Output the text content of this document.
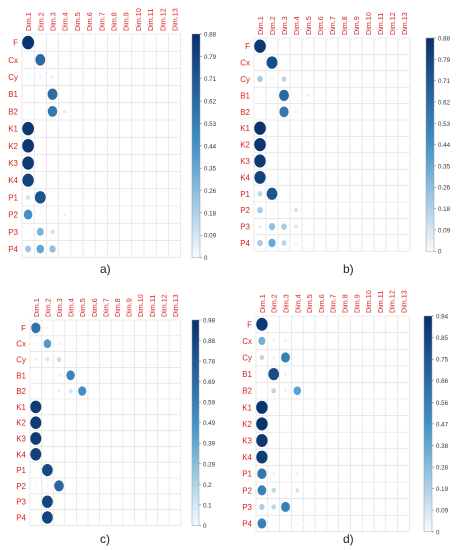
Dim.1 Dim.2 Dim.3 Dim.4 Dim.5 Dim.6 Dim.7 Dim.8 Dim.9 Dim.10 Dim.11 Dim.12 Dim.13
F
Cx
Cy
B1
B2
K1
K2
K3
K4
P1
P2
P3
P4
0.88
0.79
0.71
0.62
0.53
0.44
0.35
0.26
0.18
0.09
0
a)
Dim.1 Dim.2 Dim.3 Dim.4 Dim.5 Dim.6 Dim.7 Dim.8 Dim.9 Dim.10 Dim.11 Dim.12 Dim.13
F
Cx
Cy
B1
B2
K1
K2
K3
K4
P1
P2
P3
P4
0.88
0.79
0.71
0.62
0.53
0.44
0.35
0.26
0.18
0.09
0
b)
Dim.1 Dim.2 Dim.3 Dim.4 Dim.5 Dim.6 Dim.7 Dim.8 Dim.9 Dim.10 Dim.11 Dim.12 Dim.13
F
Cx
Cy
B1
B2
K1
K2
K3
K4
P1
P2
P3
P4
0.98
0.88
0.78
0.69
0.59
0.49
0.39
0.29
0.2
0.1
0
c)
Dim.1 Dim.2 Dim.3 Dim.4 Dim.5 Dim.6 Dim.7 Dim.8 Dim.9 Dim.10 Dim.11 Dim.12 Dim.13
F
Cx
Cy
B1
B2
K1
K2
K3
K4
P1
P2
P3
P4
0.94
0.85
0.75
0.66
0.56
0.47
0.38
0.28
0.19
0.09
0
d)
